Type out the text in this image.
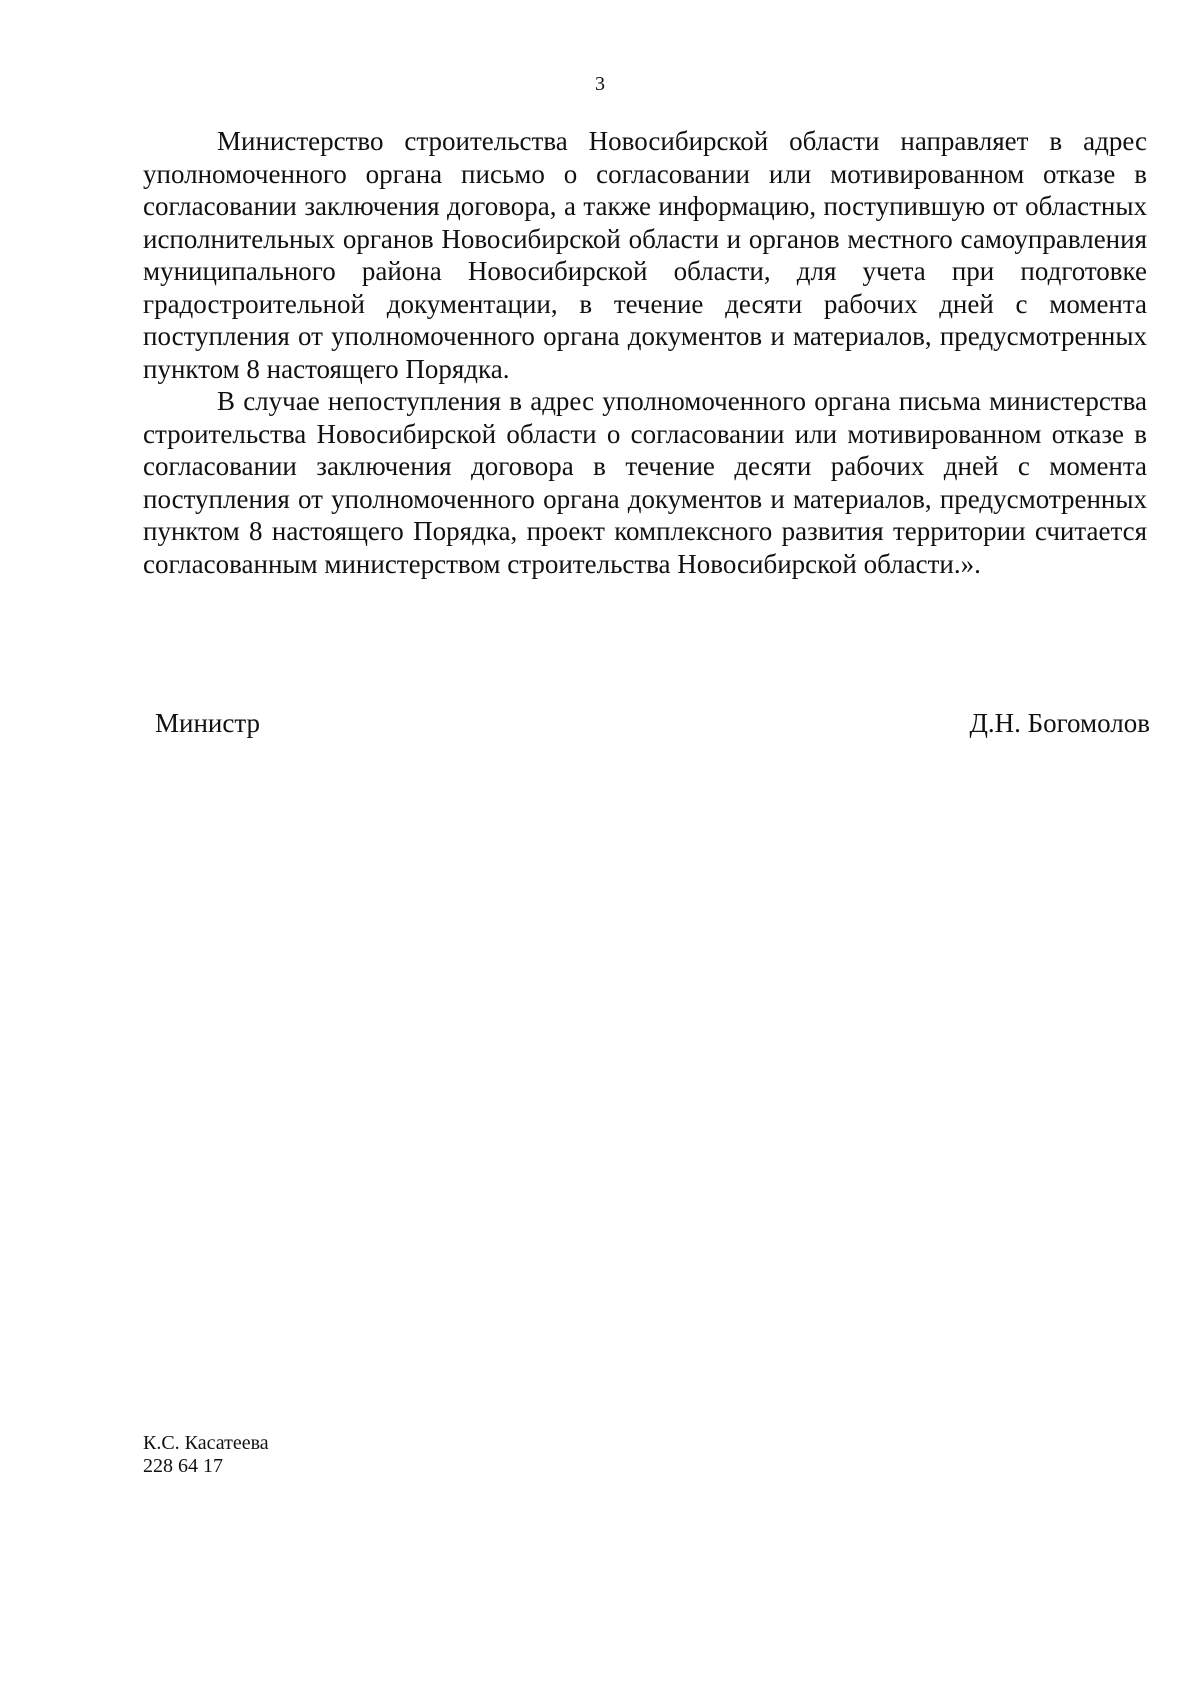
3

Министерство строительства Новосибирской области направляет в адрес уполномоченного органа письмо о согласовании или мотивированном отказе в согласовании заключения договора, а также информацию, поступившую от областных исполнительных органов Новосибирской области и органов местного самоуправления муниципального района Новосибирской области, для учета при подготовке градостроительной документации, в течение десяти рабочих дней с момента поступления от уполномоченного органа документов и материалов, предусмотренных пунктом 8 настоящего Порядка.

В случае непоступления в адрес уполномоченного органа письма министерства строительства Новосибирской области о согласовании или мотивированном отказе в согласовании заключения договора в течение десяти рабочих дней с момента поступления от уполномоченного органа документов и материалов, предусмотренных пунктом 8 настоящего Порядка, проект комплексного развития территории считается согласованным министерством строительства Новосибирской области.».

Министр	Д.Н. Богомолов
К.С. Касатеева
228 64 17
